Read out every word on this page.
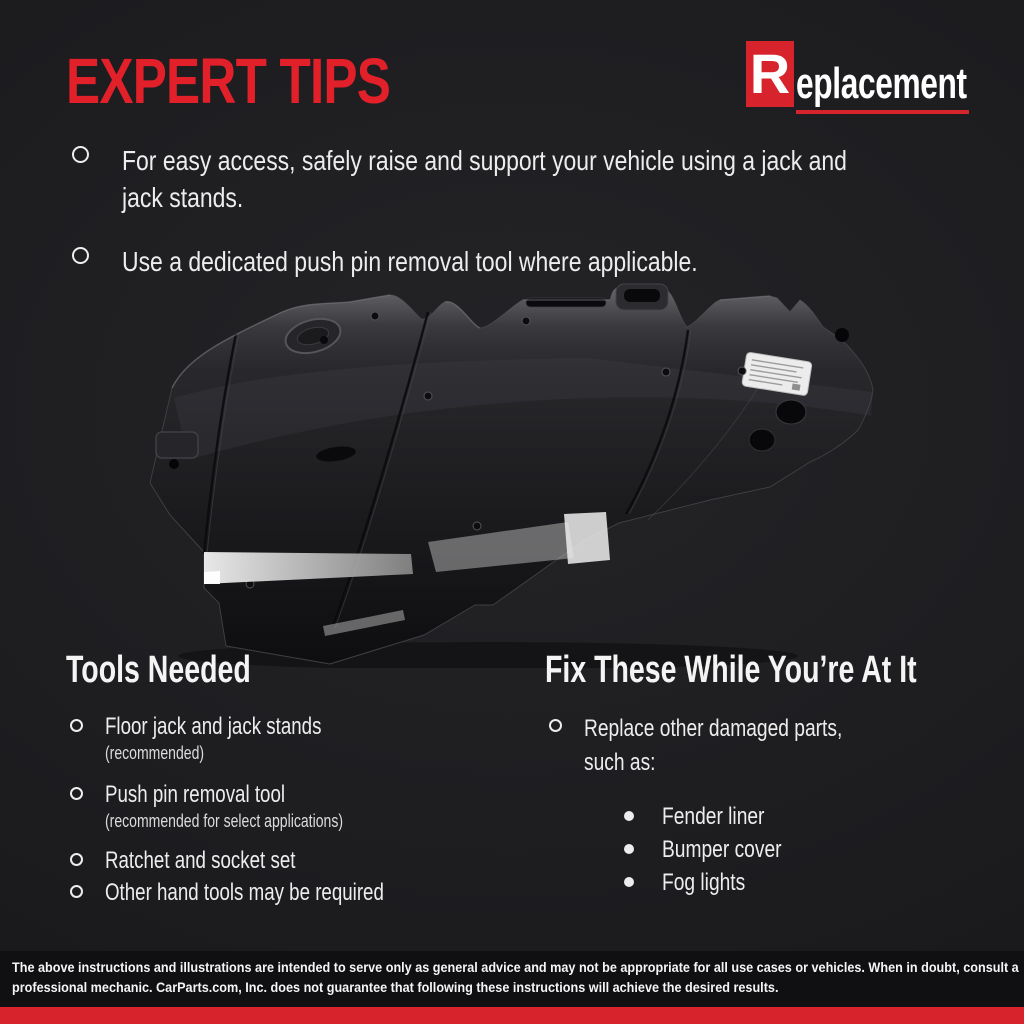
EXPERT TIPS	R eplacement

For easy access, safely raise and support your vehicle using a jack and jack stands.

Use a dedicated push pin removal tool where applicable.

Tools Needed
Floor jack and jack stands
(recommended)
Push pin removal tool
(recommended for select applications)
Ratchet and socket set
Other hand tools may be required
Fix These While You’re At It
Replace other damaged parts, such as:
Fender liner
Bumper cover
Fog lights

The above instructions and illustrations are intended to serve only as general advice and may not be appropriate for all use cases or vehicles. When in doubt, consult a professional mechanic. CarParts.com, Inc. does not guarantee that following these instructions will achieve the desired results.
